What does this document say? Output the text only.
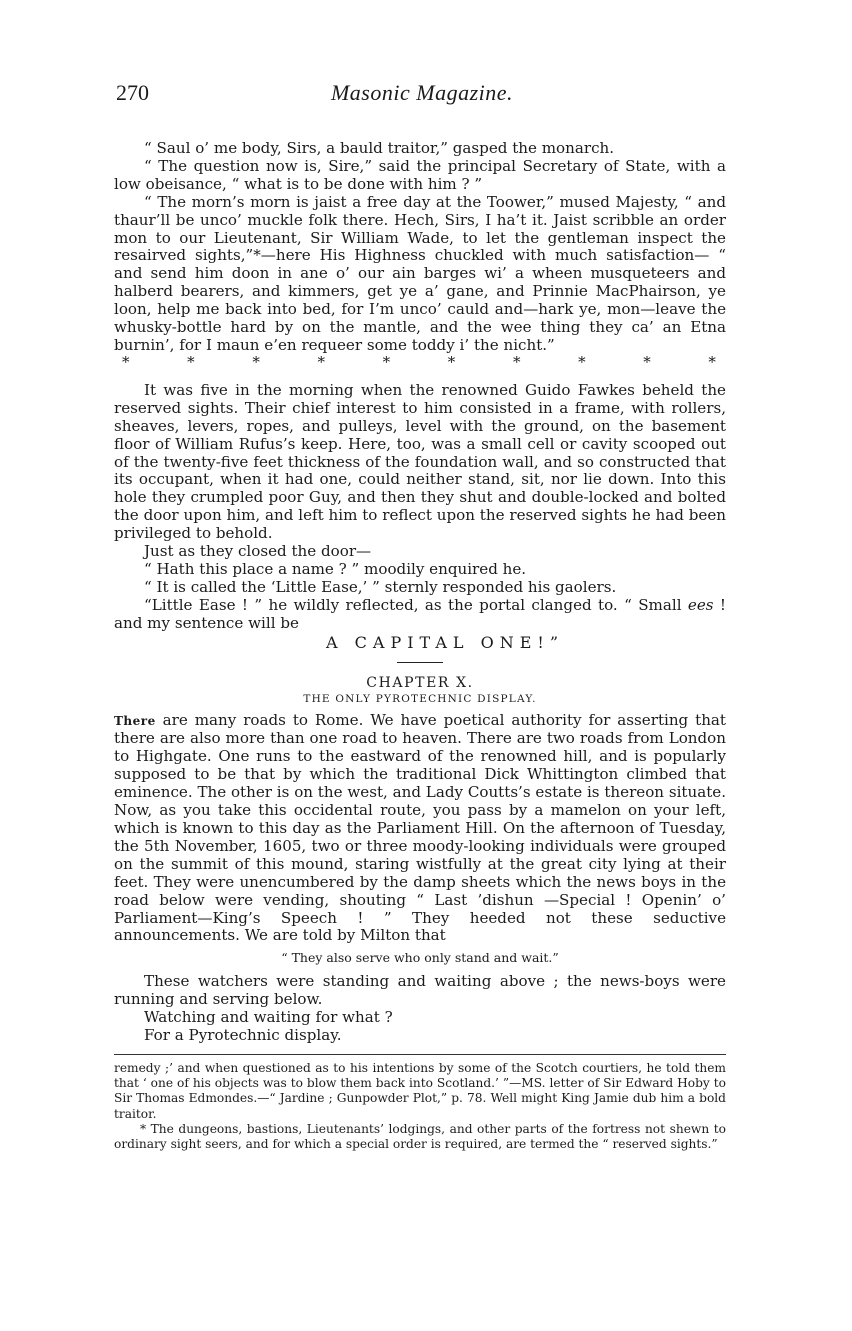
270	Masonic Magazine.

“ Saul o’ me body, Sirs, a bauld traitor,” gasped the monarch.

“ The question now is, Sire,” said the principal Secretary of State, with a low obeisance, “ what is to be done with him ? ”

“ The morn’s morn is jaist a free day at the Toower,” mused Majesty, “ and thaur’ll be unco’ muckle folk there. Hech, Sirs, I ha’t it. Jaist scribble an order mon to our Lieutenant, Sir William Wade, to let the gentleman inspect the resairved sights,”*—here His Highness chuckled with much satisfaction— “ and send him doon in ane o’ our ain barges wi’ a wheen musqueteers and halberd bearers, and kimmers, get ye a’ gane, and Prinnie MacPhairson, ye loon, help me back into bed, for I’m unco’ cauld and—hark ye, mon—leave the whusky-bottle hard by on the mantle, and the wee thing they ca’ an Etna burnin’, for I maun e’en requeer some toddy i’ the nicht.”

*	*	*	*	*	*	*	*	*	*

It was five in the morning when the renowned Guido Fawkes beheld the reserved sights. Their chief interest to him consisted in a frame, with rollers, sheaves, levers, ropes, and pulleys, level with the ground, on the basement floor of William Rufus’s keep. Here, too, was a small cell or cavity scooped out of the twenty-five feet thickness of the foundation wall, and so constructed that its occupant, when it had one, could neither stand, sit, nor lie down. Into this hole they crumpled poor Guy, and then they shut and double-locked and bolted the door upon him, and left him to reflect upon the reserved sights he had been privileged to behold.

Just as they closed the door—

“ Hath this place a name ? ” moodily enquired he.

“ It is called the ‘Little Ease,’ ” sternly responded his gaolers.

“Little Ease ! ” he wildly reflected, as the portal clanged to. “ Small ees ! and my sentence will be

A CAPITAL ONE!”
CHAPTER X.
THE ONLY PYROTECHNIC DISPLAY.

There are many roads to Rome. We have poetical authority for asserting that there are also more than one road to heaven. There are two roads from London to Highgate. One runs to the eastward of the renowned hill, and is popularly supposed to be that by which the traditional Dick Whittington climbed that eminence. The other is on the west, and Lady Coutts’s estate is thereon situate. Now, as you take this occidental route, you pass by a mamelon on your left, which is known to this day as the Parliament Hill. On the afternoon of Tuesday, the 5th November, 1605, two or three moody-looking individuals were grouped on the summit of this mound, staring wistfully at the great city lying at their feet. They were unencumbered by the damp sheets which the news boys in the road below were vending, shouting “ Last ’dishun —Special ! Openin’ o’ Parliament—King’s Speech ! ” They heeded not these seductive announcements. We are told by Milton that

“ They also serve who only stand and wait.”

These watchers were standing and waiting above ; the news-boys were running and serving below.

Watching and waiting for what ?

For a Pyrotechnic display.

remedy ;’ and when questioned as to his intentions by some of the Scotch courtiers, he told them that ‘ one of his objects was to blow them back into Scotland.’ ”—MS. letter of Sir Edward Hoby to Sir Thomas Edmondes.—“ Jardine ; Gunpowder Plot,” p. 78. Well might King Jamie dub him a bold traitor.

* The dungeons, bastions, Lieutenants’ lodgings, and other parts of the fortress not shewn to ordinary sight seers, and for which a special order is required, are termed the “ reserved sights.”
